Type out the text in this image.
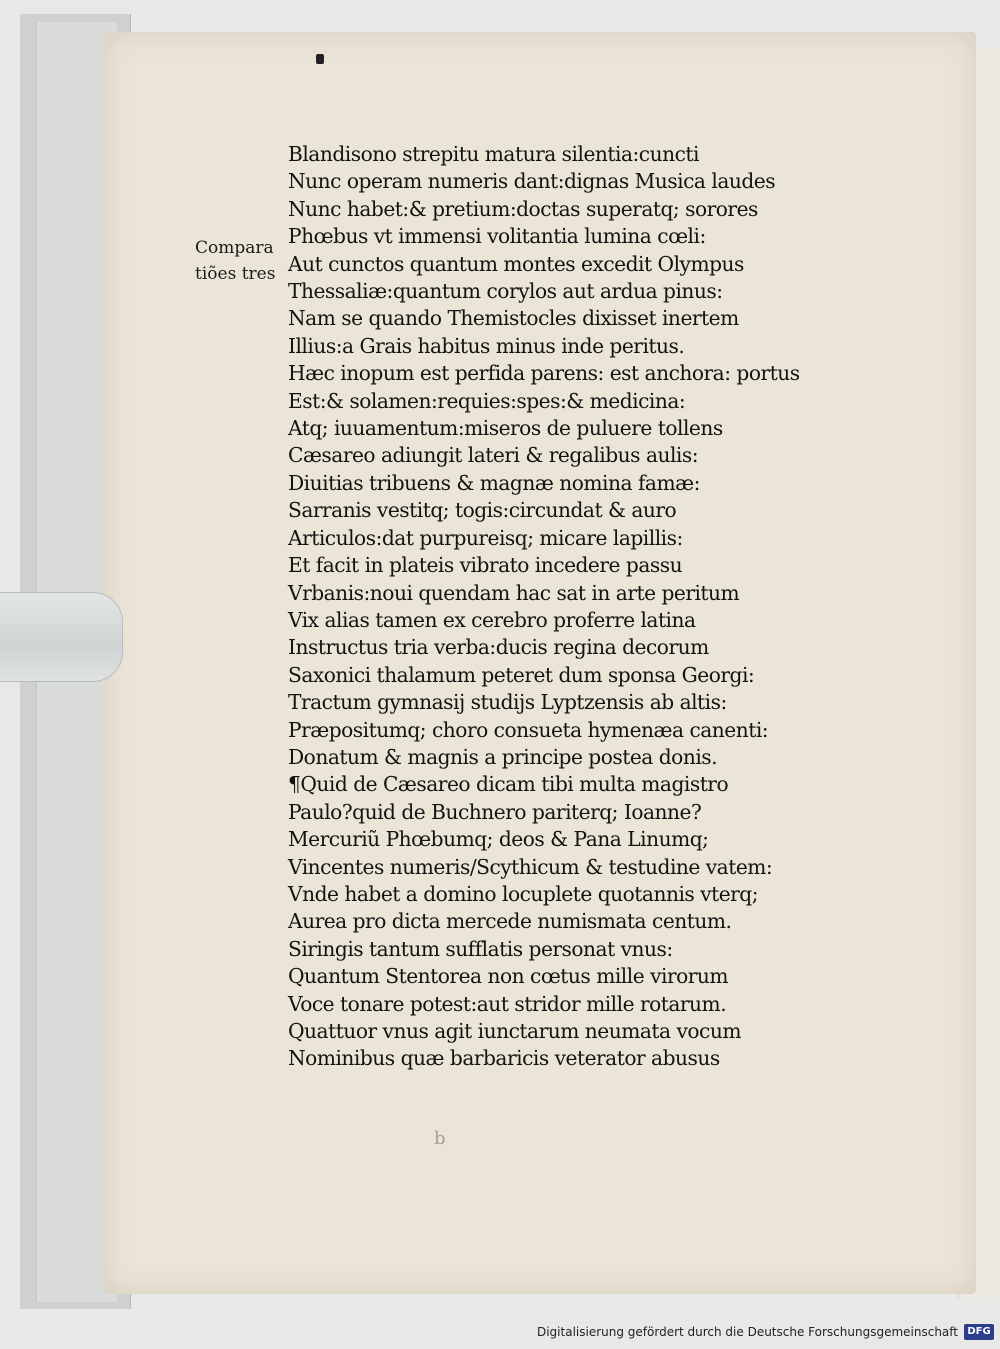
Compara
tiões tres
Blandisono strepitu matura silentia:cuncti
Nunc operam numeris dant:dignas Musica laudes
Nunc habet:& pretium:doctas superatq; sorores
Phœbus vt immensi volitantia lumina cœli:
Aut cunctos quantum montes excedit Olympus
Thessaliæ:quantum corylos aut ardua pinus:
Nam se quando Themistocles dixisset inertem
Illius:a Grais habitus minus inde peritus.
Hæc inopum est perfida parens: est anchora: portus
Est:& solamen:requies:spes:& medicina:
Atq; iuuamentum:miseros de puluere tollens
Cæsareo adiungit lateri & regalibus aulis:
Diuitias tribuens & magnæ nomina famæ:
Sarranis vestitq; togis:circundat & auro
Articulos:dat purpureisq; micare lapillis:
Et facit in plateis vibrato incedere passu
Vrbanis:noui quendam hac sat in arte peritum
Vix alias tamen ex cerebro proferre latina
Instructus tria verba:ducis regina decorum
Saxonici thalamum peteret dum sponsa Georgi:
Tractum gymnasij studijs Lyptzensis ab altis:
Præpositumq; choro consueta hymenæa canenti:
Donatum & magnis a principe postea donis.
¶Quid de Cæsareo dicam tibi multa magistro
Paulo?quid de Buchnero pariterq; Ioanne?
Mercuriũ Phœbumq; deos & Pana Linumq;
Vincentes numeris/Scythicum & testudine vatem:
Vnde habet a domino locuplete quotannis vterq;
Aurea pro dicta mercede numismata centum.
Siringis tantum sufflatis personat vnus:
Quantum Stentorea non cœtus mille virorum
Voce tonare potest:aut stridor mille rotarum.
Quattuor vnus agit iunctarum neumata vocum
Nominibus quæ barbaricis veterator abusus
b
Digitalisierung gefördert durch die Deutsche Forschungsgemeinschaft DFG
